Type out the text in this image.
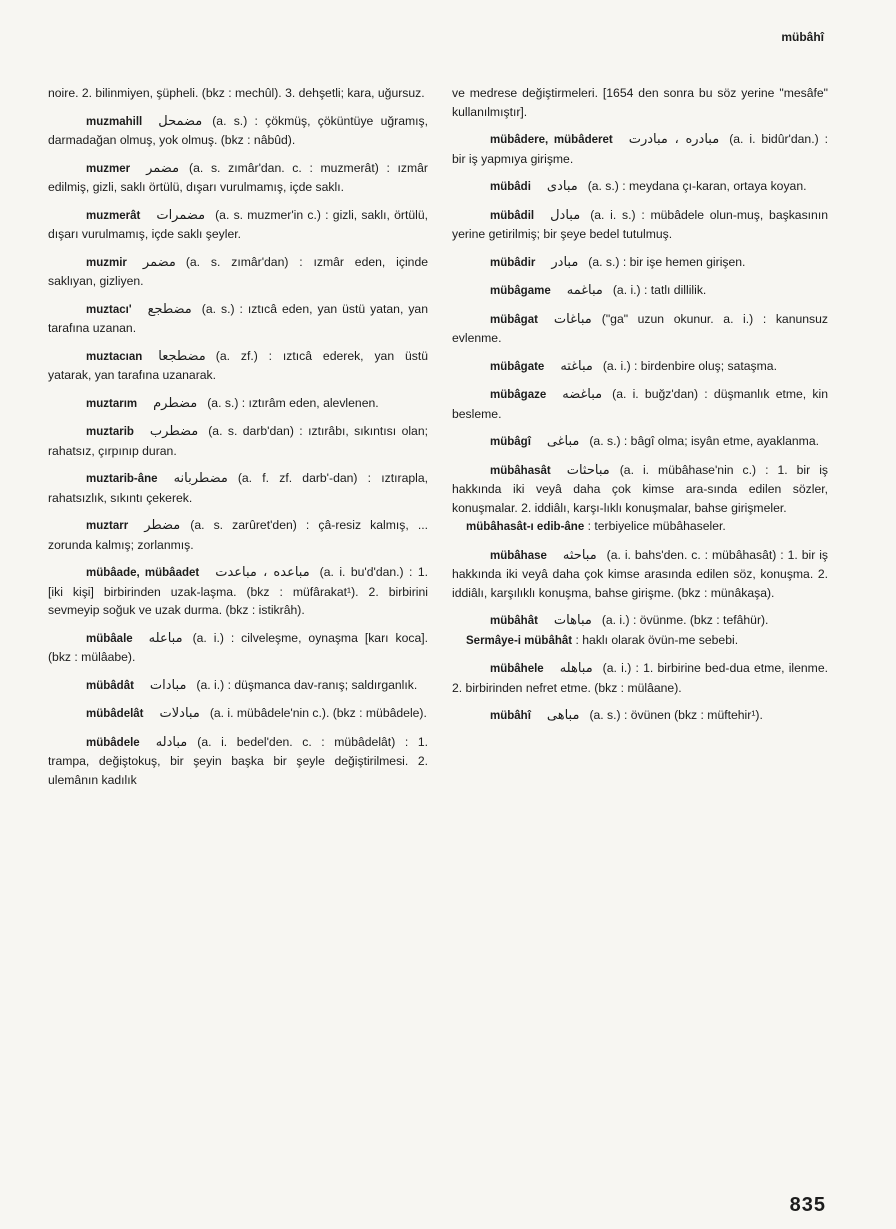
mübâhî

noire. 2. bilinmiyen, şüpheli. (bkz : mechûl). 3. dehşetli; kara, uğursuz.

muzmahill مضمحل (a. s.) : çökmüş, çöküntüye uğramış, darmadağan olmuş, yok olmuş. (bkz : nâbûd).

muzmer مضمر (a. s. zımâr'dan. c. : muzmerât) : ızmâr edilmiş, gizli, saklı örtülü, dışarı vurulmamış, içde saklı.

muzmerât مضمرات (a. s. muzmer'in c.) : gizli, saklı, örtülü, dışarı vurulmamış, içde saklı şeyler.

muzmir مضمر (a. s. zımâr'dan) : ızmâr eden, içinde saklıyan, gizliyen.

muztacı' مضطجع (a. s.) : ıztıcâ eden, yan üstü yatan, yan tarafına uzanan.

muztacıan مضطجعا (a. zf.) : ıztıcâ ederek, yan üstü yatarak, yan tarafına uzanarak.

muztarım مضطرم (a. s.) : ıztırâm eden, alevlenen.

muztarib مضطرب (a. s. darb'dan) : ıztırâbı, sıkıntısı olan; rahatsız, çırpınıp duran.

muztarib-âne مضطربانه (a. f. zf. darb'-dan) : ıztırapla, rahatsızlık, sıkıntı çekerek.

muztarr مضطر (a. s. zarûret'den) : çâ-resiz kalmış, ... zorunda kalmış; zorlanmış.

mübâade, mübâadet مباعده ، مباعدت (a. i. bu'd'dan.) : 1. [iki kişi] birbirinden uzak-laşma. (bkz : müfârakat¹). 2. birbirini sevmeyip soğuk ve uzak durma. (bkz : istikrâh).

mübâale مباعله (a. i.) : cilveleşme, oynaşma [karı koca]. (bkz : mülâabe).

mübâdât مبادات (a. i.) : düşmanca dav-ranış; saldırganlık.

mübâdelât مبادلات (a. i. mübâdele'nin c.). (bkz : mübâdele).

mübâdele مبادله (a. i. bedel'den. c. : mübâdelât) : 1. trampa, değiştokuş, bir şeyin başka bir şeyle değiştirilmesi. 2. ulemânın kadılık

ve medrese değiştirmeleri. [1654 den sonra bu söz yerine "mesâfe" kullanılmıştır].

mübâdere, mübâderet مبادره ، مبادرت (a. i. bidûr'dan.) : bir iş yapmıya girişme.

mübâdi مبادی (a. s.) : meydana çı-karan, ortaya koyan.

mübâdil مبادل (a. i. s.) : mübâdele olun-muş, başkasının yerine getirilmiş; bir şeye bedel tutulmuş.

mübâdir مبادر (a. s.) : bir işe hemen girişen.

mübâgame مباغمه (a. i.) : tatlı dillilik.

mübâgat مباغات ("ga" uzun okunur. a. i.) : kanunsuz evlenme.

mübâgate مباغته (a. i.) : birdenbire oluş; sataşma.

mübâgaze مباغضه (a. i. buğz'dan) : düşmanlık etme, kin besleme.

mübâgî مباغی (a. s.) : bâgî olma; isyân etme, ayaklanma.

mübâhasât مباحثات (a. i. mübâhase'nin c.) : 1. bir iş hakkında iki veyâ daha çok kimse ara-sında edilen sözler, konuşmalar. 2. iddiâlı, karşı-lıklı konuşmalar, bahse girişmeler.

mübâhasât-ı edib-âne : terbiyelice mübâhaseler.

mübâhase مباحثه (a. i. bahs'den. c. : mübâhasât) : 1. bir iş hakkında iki veyâ daha çok kimse arasında edilen söz, konuşma. 2. iddiâlı, karşılıklı konuşma, bahse girişme. (bkz : münâkaşa).

mübâhât مباهات (a. i.) : övünme. (bkz : tefâhür).

Sermâye-i mübâhât : haklı olarak övün-me sebebi.

mübâhele مباهله (a. i.) : 1. birbirine bed-dua etme, ilenme. 2. birbirinden nefret etme. (bkz : mülâane).

mübâhî مباهی (a. s.) : övünen (bkz : müftehir¹).

835
